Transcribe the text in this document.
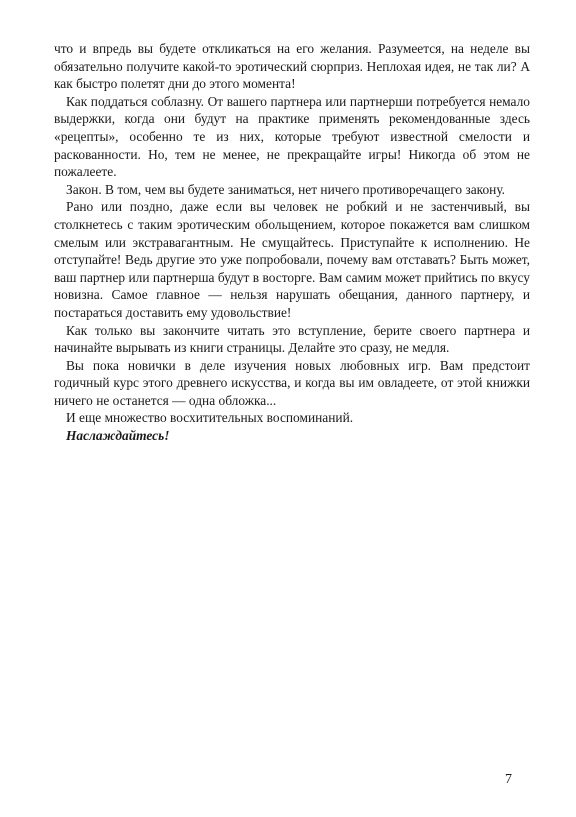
что и впредь вы будете откликаться на его желания. Разумеется, на неделе вы обязательно получите какой-то эротический сюрприз. Неплохая идея, не так ли? А как быстро полетят дни до этого момента!

Как поддаться соблазну. От вашего партнера или партнерши потребуется немало выдержки, когда они будут на практике применять рекомендованные здесь «рецепты», особенно те из них, которые требуют известной смелости и раскованности. Но, тем не менее, не прекращайте игры! Никогда об этом не пожалеете.

Закон. В том, чем вы будете заниматься, нет ничего противоречащего закону.

Рано или поздно, даже если вы человек не робкий и не застенчивый, вы столкнетесь с таким эротическим обольщением, которое покажется вам слишком смелым или экстравагантным. Не смущайтесь. Приступайте к исполнению. Не отступайте! Ведь другие это уже попробовали, почему вам отставать? Быть может, ваш партнер или партнерша будут в восторге. Вам самим может прийтись по вкусу новизна. Самое главное — нельзя нарушать обещания, данного партнеру, и постараться доставить ему удовольствие!

Как только вы закончите читать это вступление, берите своего партнера и начинайте вырывать из книги страницы. Делайте это сразу, не медля.

Вы пока новички в деле изучения новых любовных игр. Вам предстоит годичный курс этого древнего искусства, и когда вы им овладеете, от этой книжки ничего не останется — одна обложка...

И еще множество восхитительных воспоминаний.

Наслаждайтесь!

7
